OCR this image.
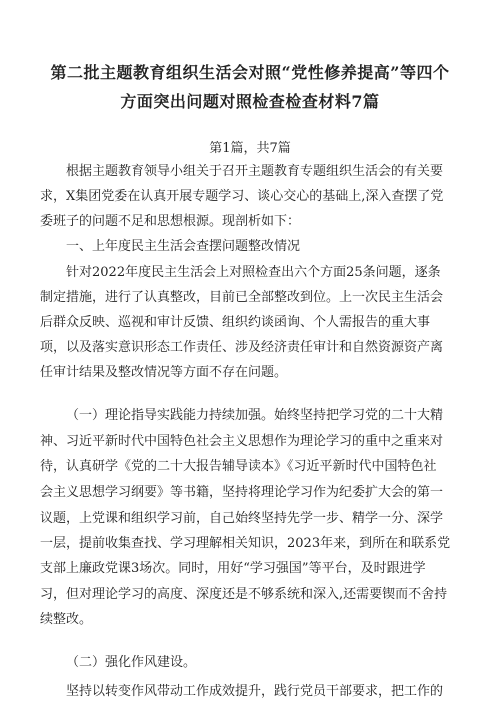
第二批主题教育组织生活会对照“党性修养提高”等四个
方面突出问题对照检查检查材料7篇
第1篇，共7篇
根据主题教育领导小组关于召开主题教育专题组织生活会的有关要
求，X集团党委在认真开展专题学习、谈心交心的基础上,深入查摆了党
委班子的问题不足和思想根源。现剖析如下：
一、上年度民主生活会查摆问题整改情况
针对2022年度民主生活会上对照检查出六个方面25条问题，逐条
制定措施，进行了认真整改，目前已全部整改到位。上一次民主生活会
后群众反映、巡视和审计反馈、组织约谈函询、个人需报告的重大事
项，以及落实意识形态工作责任、涉及经济责任审计和自然资源资产离
任审计结果及整改情况等方面不存在问题。
（一）理论指导实践能力持续加强。始终坚持把学习党的二十大精
神、习近平新时代中国特色社会主义思想作为理论学习的重中之重来对
待，认真研学《党的二十大报告辅导读本》《习近平新时代中国特色社
会主义思想学习纲要》等书籍，坚持将理论学习作为纪委扩大会的第一
议题，上党课和组织学习前，自己始终坚持先学一步、精学一分、深学
一层，提前收集查找、学习理解相关知识，2023年来，到所在和联系党
支部上廉政党课3场次。同时，用好“学习强国”等平台，及时跟进学
习，但对理论学习的高度、深度还是不够系统和深入,还需要锲而不舍持
续整改。
（二）强化作风建设。
坚持以转变作风带动工作成效提升，践行党员干部要求，把工作的
